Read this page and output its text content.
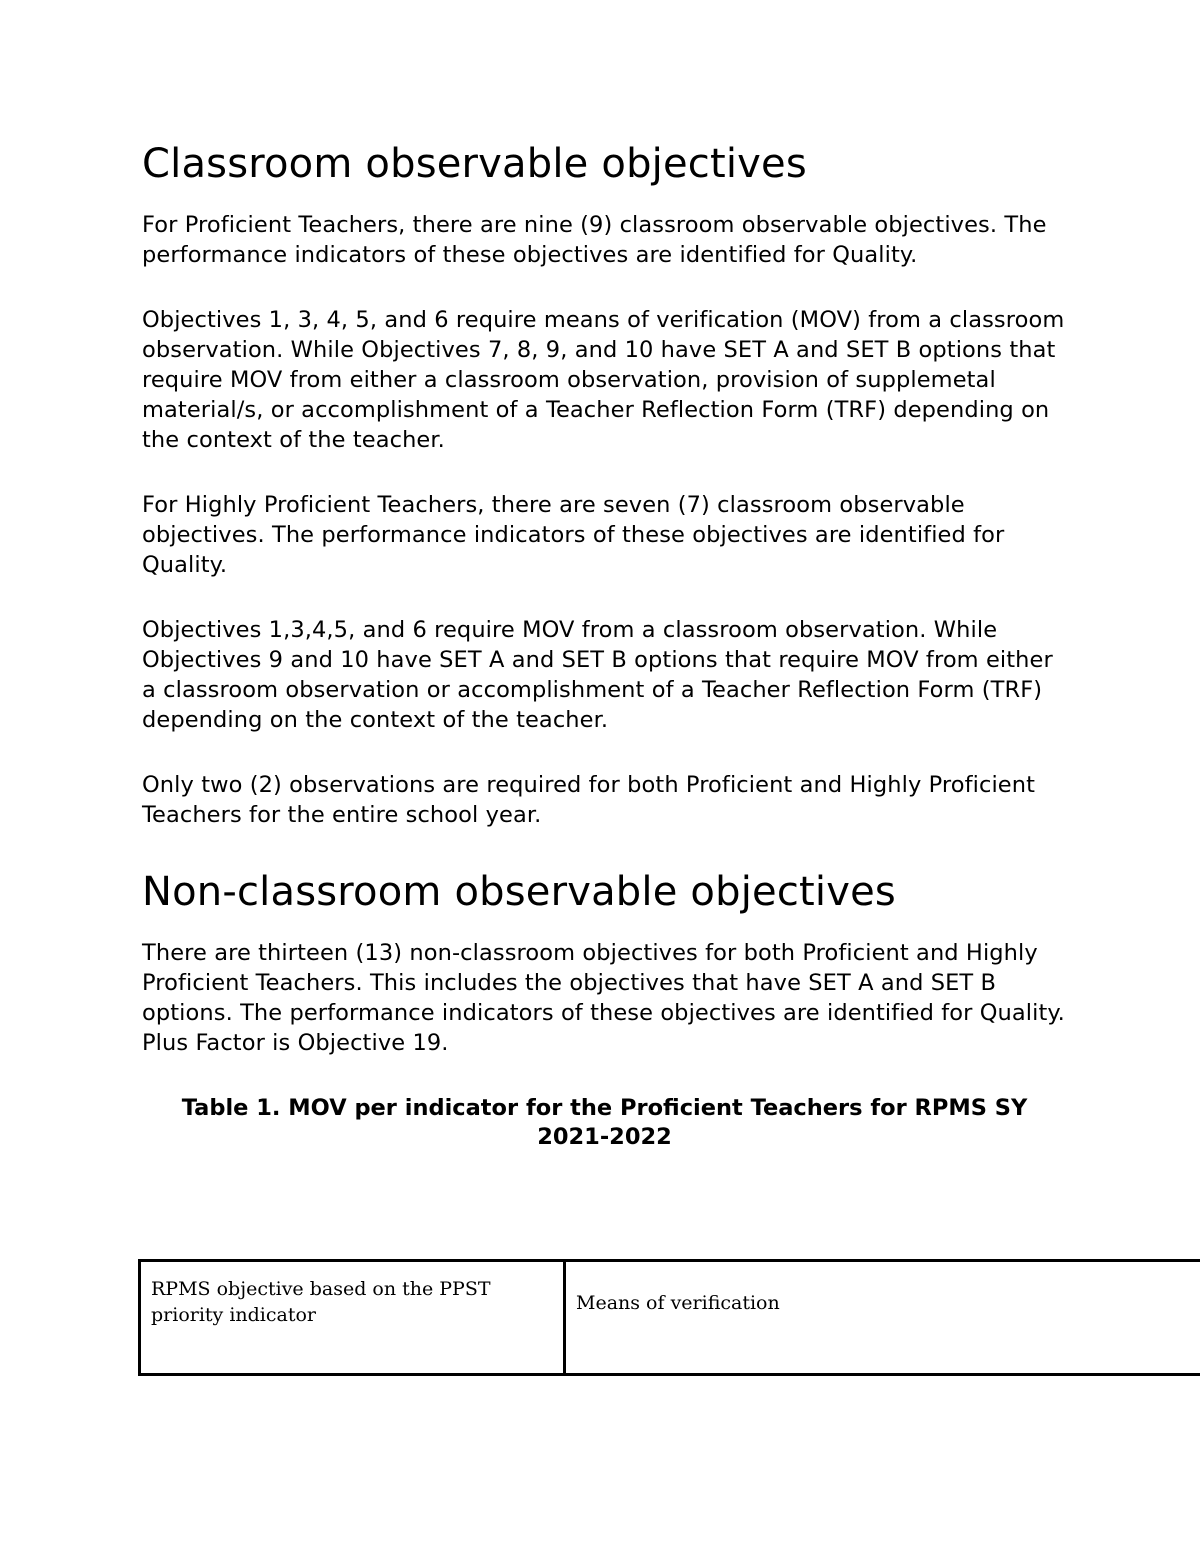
Classroom observable objectives

For Proficient Teachers, there are nine (9) classroom observable objectives. The performance indicators of these objectives are identified for Quality.

Objectives 1, 3, 4, 5, and 6 require means of verification (MOV) from a classroom observation. While Objectives 7, 8, 9, and 10 have SET A and SET B options that require MOV from either a classroom observation, provision of supplemetal material/s, or accomplishment of a Teacher Reflection Form (TRF) depending on the context of the teacher.

For Highly Proficient Teachers, there are seven (7) classroom observable objectives. The performance indicators of these objectives are identified for Quality.

Objectives 1,3,4,5, and 6 require MOV from a classroom observation. While Objectives 9 and 10 have SET A and SET B options that require MOV from either a classroom observation or accomplishment of a Teacher Reflection Form (TRF) depending on the context of the teacher.

Only two (2) observations are required for both Proficient and Highly Proficient Teachers for the entire school year.

Non-classroom observable objectives

There are thirteen (13) non-classroom objectives for both Proficient and Highly Proficient Teachers. This includes the objectives that have SET A and SET B options. The performance indicators of these objectives are identified for Quality. Plus Factor is Objective 19.

Table 1. MOV per indicator for the Proficient Teachers for RPMS SY 2021-2022
RPMS objective based on the PPST priority indicator	Means of verification
